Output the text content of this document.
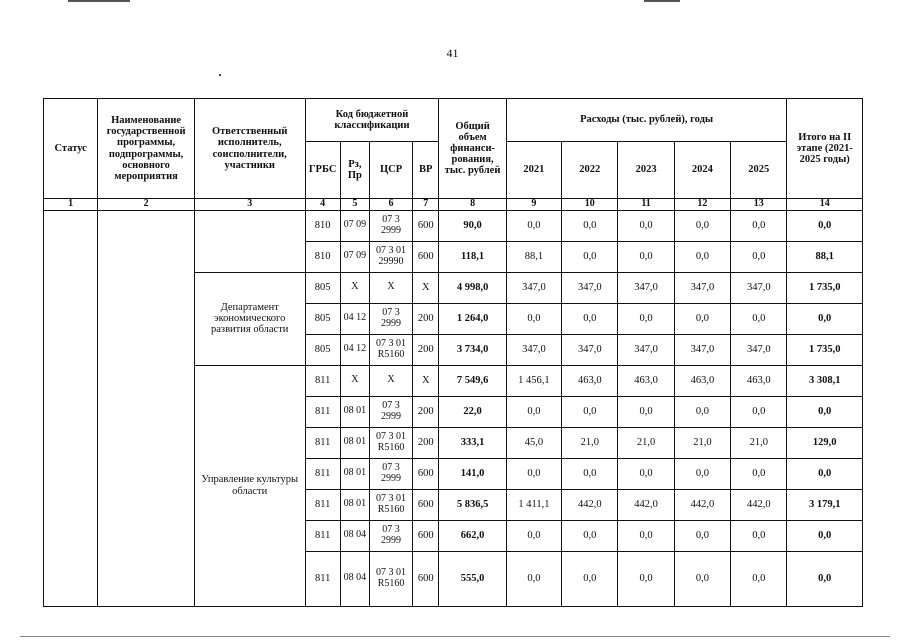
41
Статус	Наименование государственной программы, подпрограммы, основного мероприятия	Ответственный исполнитель, соисполнители, участники	Код бюджетной классификации				Общий объем финанси-рования, тыс. рублей	Расходы (тыс. рублей), годы					Итого на II этапе (2021-2025 годы)
			ГРБС	Рз, Пр	ЦСР	ВР		2021	2022	2023	2024	2025	
1	2	3	4	5	6	7	8	9	10	11	12	13	14
			810	07 09	07 3 2999	600	90,0	0,0	0,0	0,0	0,0	0,0	0,0
			810	07 09	07 3 01 29990	600	118,1	88,1	0,0	0,0	0,0	0,0	88,1
		Департамент экономического развития области	805	X	X	X	4 998,0	347,0	347,0	347,0	347,0	347,0	1 735,0
			805	04 12	07 3 2999	200	1 264,0	0,0	0,0	0,0	0,0	0,0	0,0
			805	04 12	07 3 01 R5160	200	3 734,0	347,0	347,0	347,0	347,0	347,0	1 735,0
		Управление культуры области	811	X	X	X	7 549,6	1 456,1	463,0	463,0	463,0	463,0	3 308,1
			811	08 01	07 3 2999	200	22,0	0,0	0,0	0,0	0,0	0,0	0,0
			811	08 01	07 3 01 R5160	200	333,1	45,0	21,0	21,0	21,0	21,0	129,0
			811	08 01	07 3 2999	600	141,0	0,0	0,0	0,0	0,0	0,0	0,0
			811	08 01	07 3 01 R5160	600	5 836,5	1 411,1	442,0	442,0	442,0	442,0	3 179,1
			811	08 04	07 3 2999	600	662,0	0,0	0,0	0,0	0,0	0,0	0,0
			811	08 04	07 3 01 R5160	600	555,0	0,0	0,0	0,0	0,0	0,0	0,0
